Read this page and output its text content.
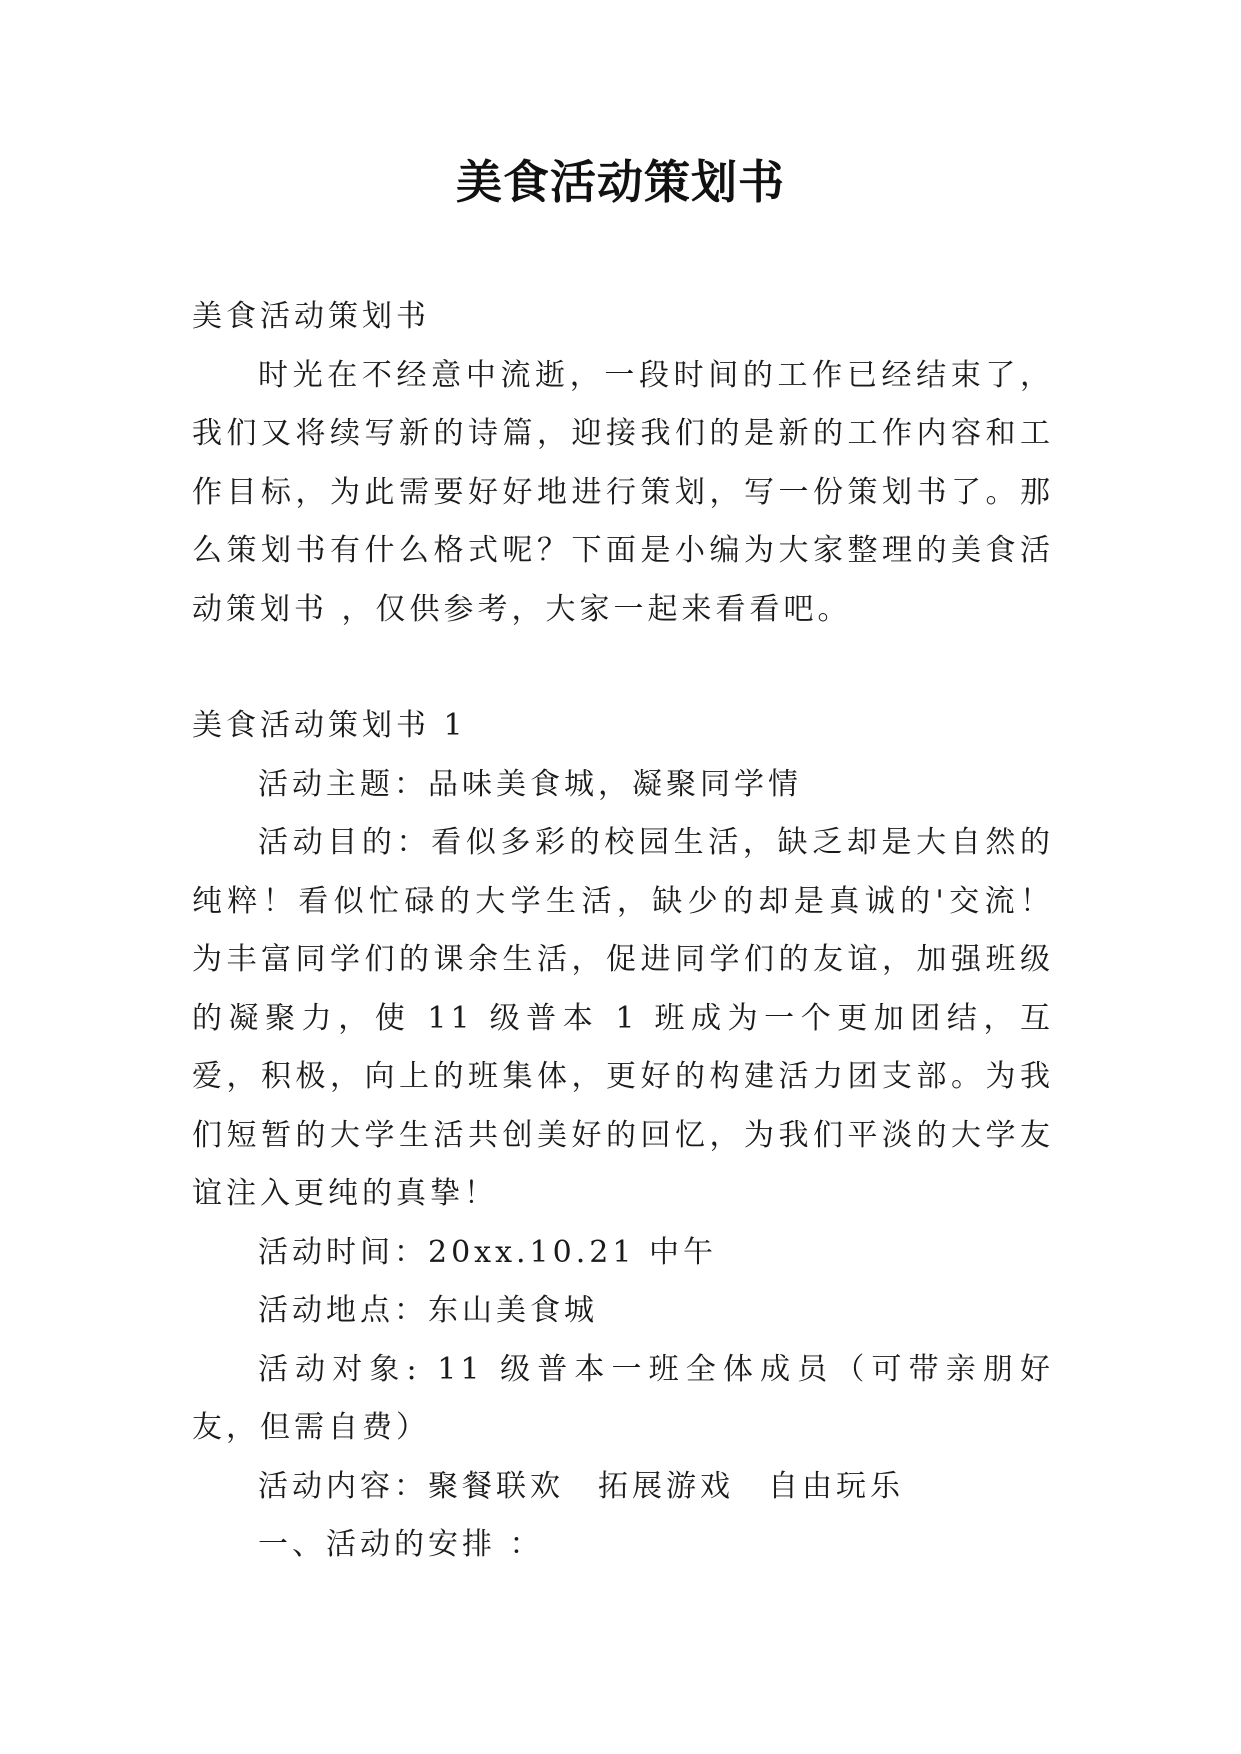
美食活动策划书

美食活动策划书

时光在不经意中流逝，一段时间的工作已经结束了，我们又将续写新的诗篇，迎接我们的是新的工作内容和工作目标，为此需要好好地进行策划，写一份策划书了。那么策划书有什么格式呢？下面是小编为大家整理的美食活动策划书 ，仅供参考，大家一起来看看吧。

美食活动策划书 1

活动主题：品味美食城，凝聚同学情

活动目的：看似多彩的校园生活，缺乏却是大自然的纯粹！看似忙碌的大学生活，缺少的却是真诚的'交流！为丰富同学们的课余生活，促进同学们的友谊，加强班级的凝聚力，使 11 级普本 1 班成为一个更加团结，互爱，积极，向上的班集体，更好的构建活力团支部。为我们短暂的大学生活共创美好的回忆，为我们平淡的大学友谊注入更纯的真挚！

活动时间：20xx.10.21 中午

活动地点：东山美食城

活动对象: 11 级普本一班全体成员（可带亲朋好友，但需自费）

活动内容：聚餐联欢　拓展游戏　自由玩乐

一、活动的安排 ：
